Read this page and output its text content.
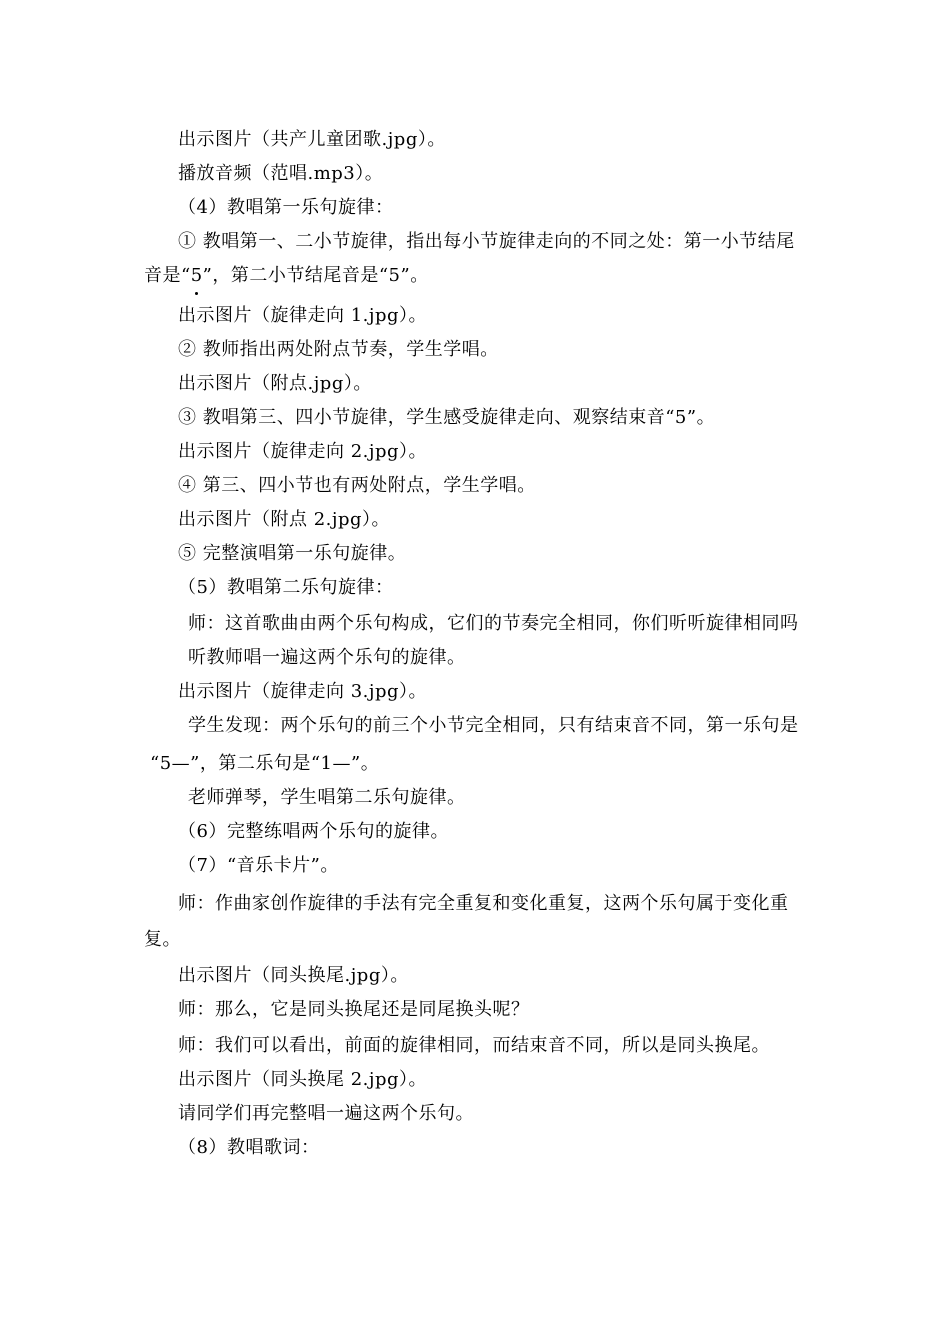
出示图片（共产儿童团歌.jpg）。
播放音频（范唱.mp3）。
（4）教唱第一乐句旋律：
① 教唱第一、二小节旋律，指出每小节旋律走向的不同之处：第一小节结尾
音是“5”，第二小节结尾音是“5”。
出示图片（旋律走向 1.jpg）。
② 教师指出两处附点节奏，学生学唱。
出示图片（附点.jpg）。
③ 教唱第三、四小节旋律，学生感受旋律走向、观察结束音“5”。
出示图片（旋律走向 2.jpg）。
④ 第三、四小节也有两处附点，学生学唱。
出示图片（附点 2.jpg）。
⑤ 完整演唱第一乐句旋律。
（5）教唱第二乐句旋律：
师：这首歌曲由两个乐句构成，它们的节奏完全相同，你们听听旋律相同吗
听教师唱一遍这两个乐句的旋律。
出示图片（旋律走向 3.jpg）。
学生发现：两个乐句的前三个小节完全相同，只有结束音不同，第一乐句是
“5—”，第二乐句是“1—”。
老师弹琴，学生唱第二乐句旋律。
（6）完整练唱两个乐句的旋律。
（7）“音乐卡片”。
师：作曲家创作旋律的手法有完全重复和变化重复，这两个乐句属于变化重
复。
出示图片（同头换尾.jpg）。
师：那么，它是同头换尾还是同尾换头呢？
师：我们可以看出，前面的旋律相同，而结束音不同，所以是同头换尾。
出示图片（同头换尾 2.jpg）。
请同学们再完整唱一遍这两个乐句。
（8）教唱歌词：
